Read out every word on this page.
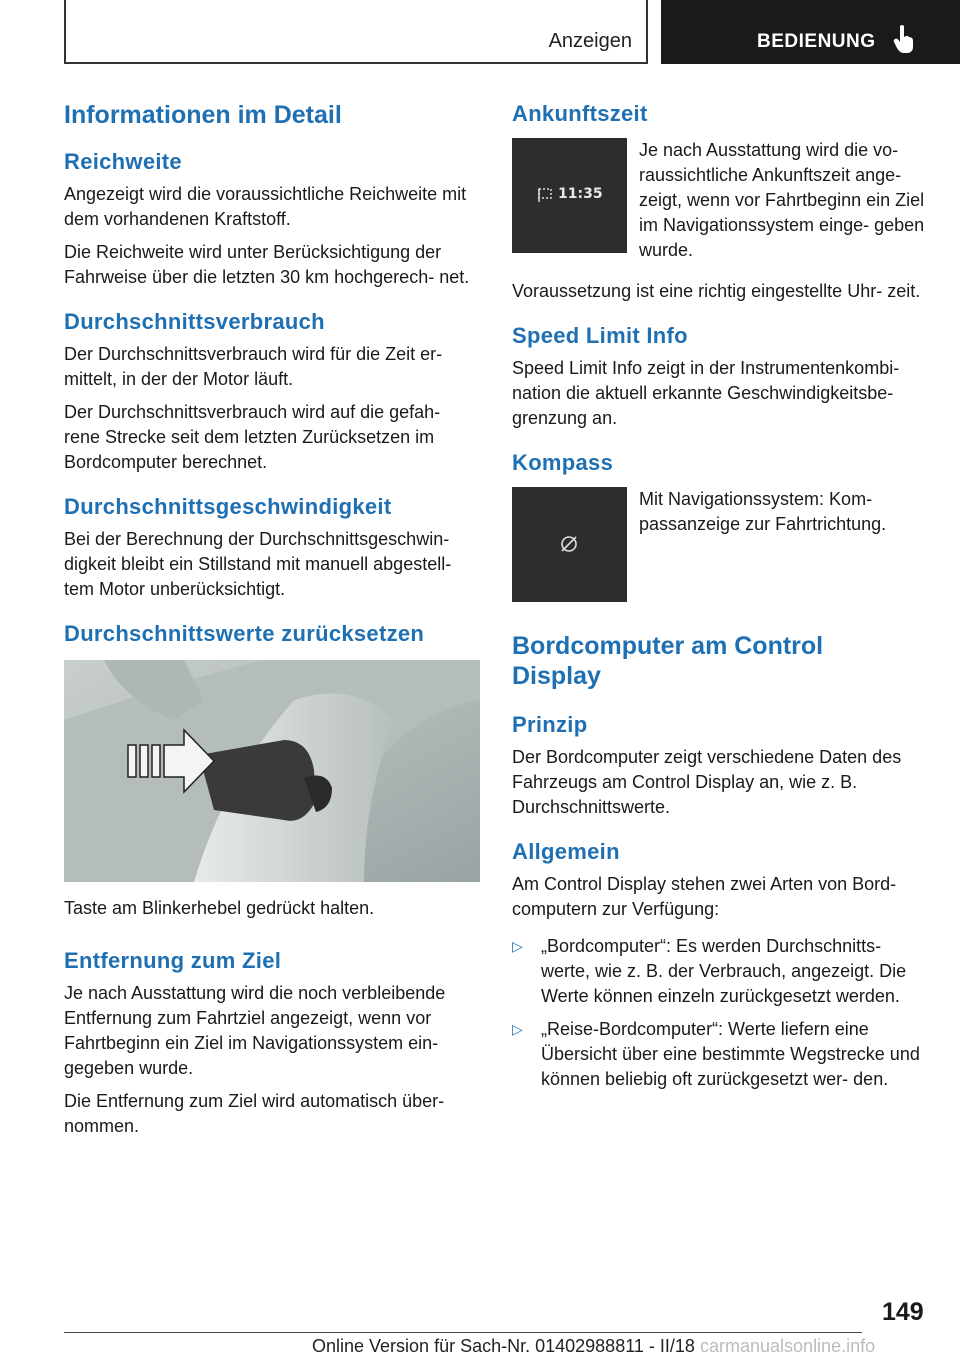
Anzeigen	BEDIENUNG
Informationen im Detail
Reichweite

Angezeigt wird die voraussichtliche Reichweite mit dem vorhandenen Kraftstoff.

Die Reichweite wird unter Berücksichtigung der Fahrweise über die letzten 30 km hochgerech‐ net.

Durchschnittsverbrauch

Der Durchschnittsverbrauch wird für die Zeit er‐ mittelt, in der der Motor läuft.

Der Durchschnittsverbrauch wird auf die gefah‐ rene Strecke seit dem letzten Zurücksetzen im Bordcomputer berechnet.

Durchschnittsgeschwindigkeit

Bei der Berechnung der Durchschnittsgeschwin‐ digkeit bleibt ein Stillstand mit manuell abgestell‐ tem Motor unberücksichtigt.

Durchschnittswerte zurücksetzen
Taste am Blinkerhebel gedrückt halten.
Entfernung zum Ziel

Je nach Ausstattung wird die noch verbleibende Entfernung zum Fahrtziel angezeigt, wenn vor Fahrtbeginn ein Ziel im Navigationssystem ein‐ gegeben wurde.

Die Entfernung zum Ziel wird automatisch über‐ nommen.

Ankunftszeit
11:35
Je nach Ausstattung wird die vo‐ raussichtliche Ankunftszeit ange‐ zeigt, wenn vor Fahrtbeginn ein Ziel im Navigationssystem einge‐ geben wurde.

Voraussetzung ist eine richtig eingestellte Uhr‐ zeit.

Speed Limit Info

Speed Limit Info zeigt in der Instrumentenkombi‐ nation die aktuell erkannte Geschwindigkeitsbe‐ grenzung an.

Kompass
Mit Navigationssystem: Kom‐ passanzeige zur Fahrtrichtung.
Bordcomputer am Control Display
Prinzip

Der Bordcomputer zeigt verschiedene Daten des Fahrzeugs am Control Display an, wie z. B. Durchschnittswerte.

Allgemein

Am Control Display stehen zwei Arten von Bord‐ computern zur Verfügung:

▷ „Bordcomputer“: Es werden Durchschnitts‐ werte, wie z. B. der Verbrauch, angezeigt. Die Werte können einzeln zurückgesetzt werden.
▷ „Reise-Bordcomputer“: Werte liefern eine Übersicht über eine bestimmte Wegstrecke und können beliebig oft zurückgesetzt wer‐ den.
149
Online Version für Sach-Nr. 01402988811 - II/18 carmanualsonline.info
